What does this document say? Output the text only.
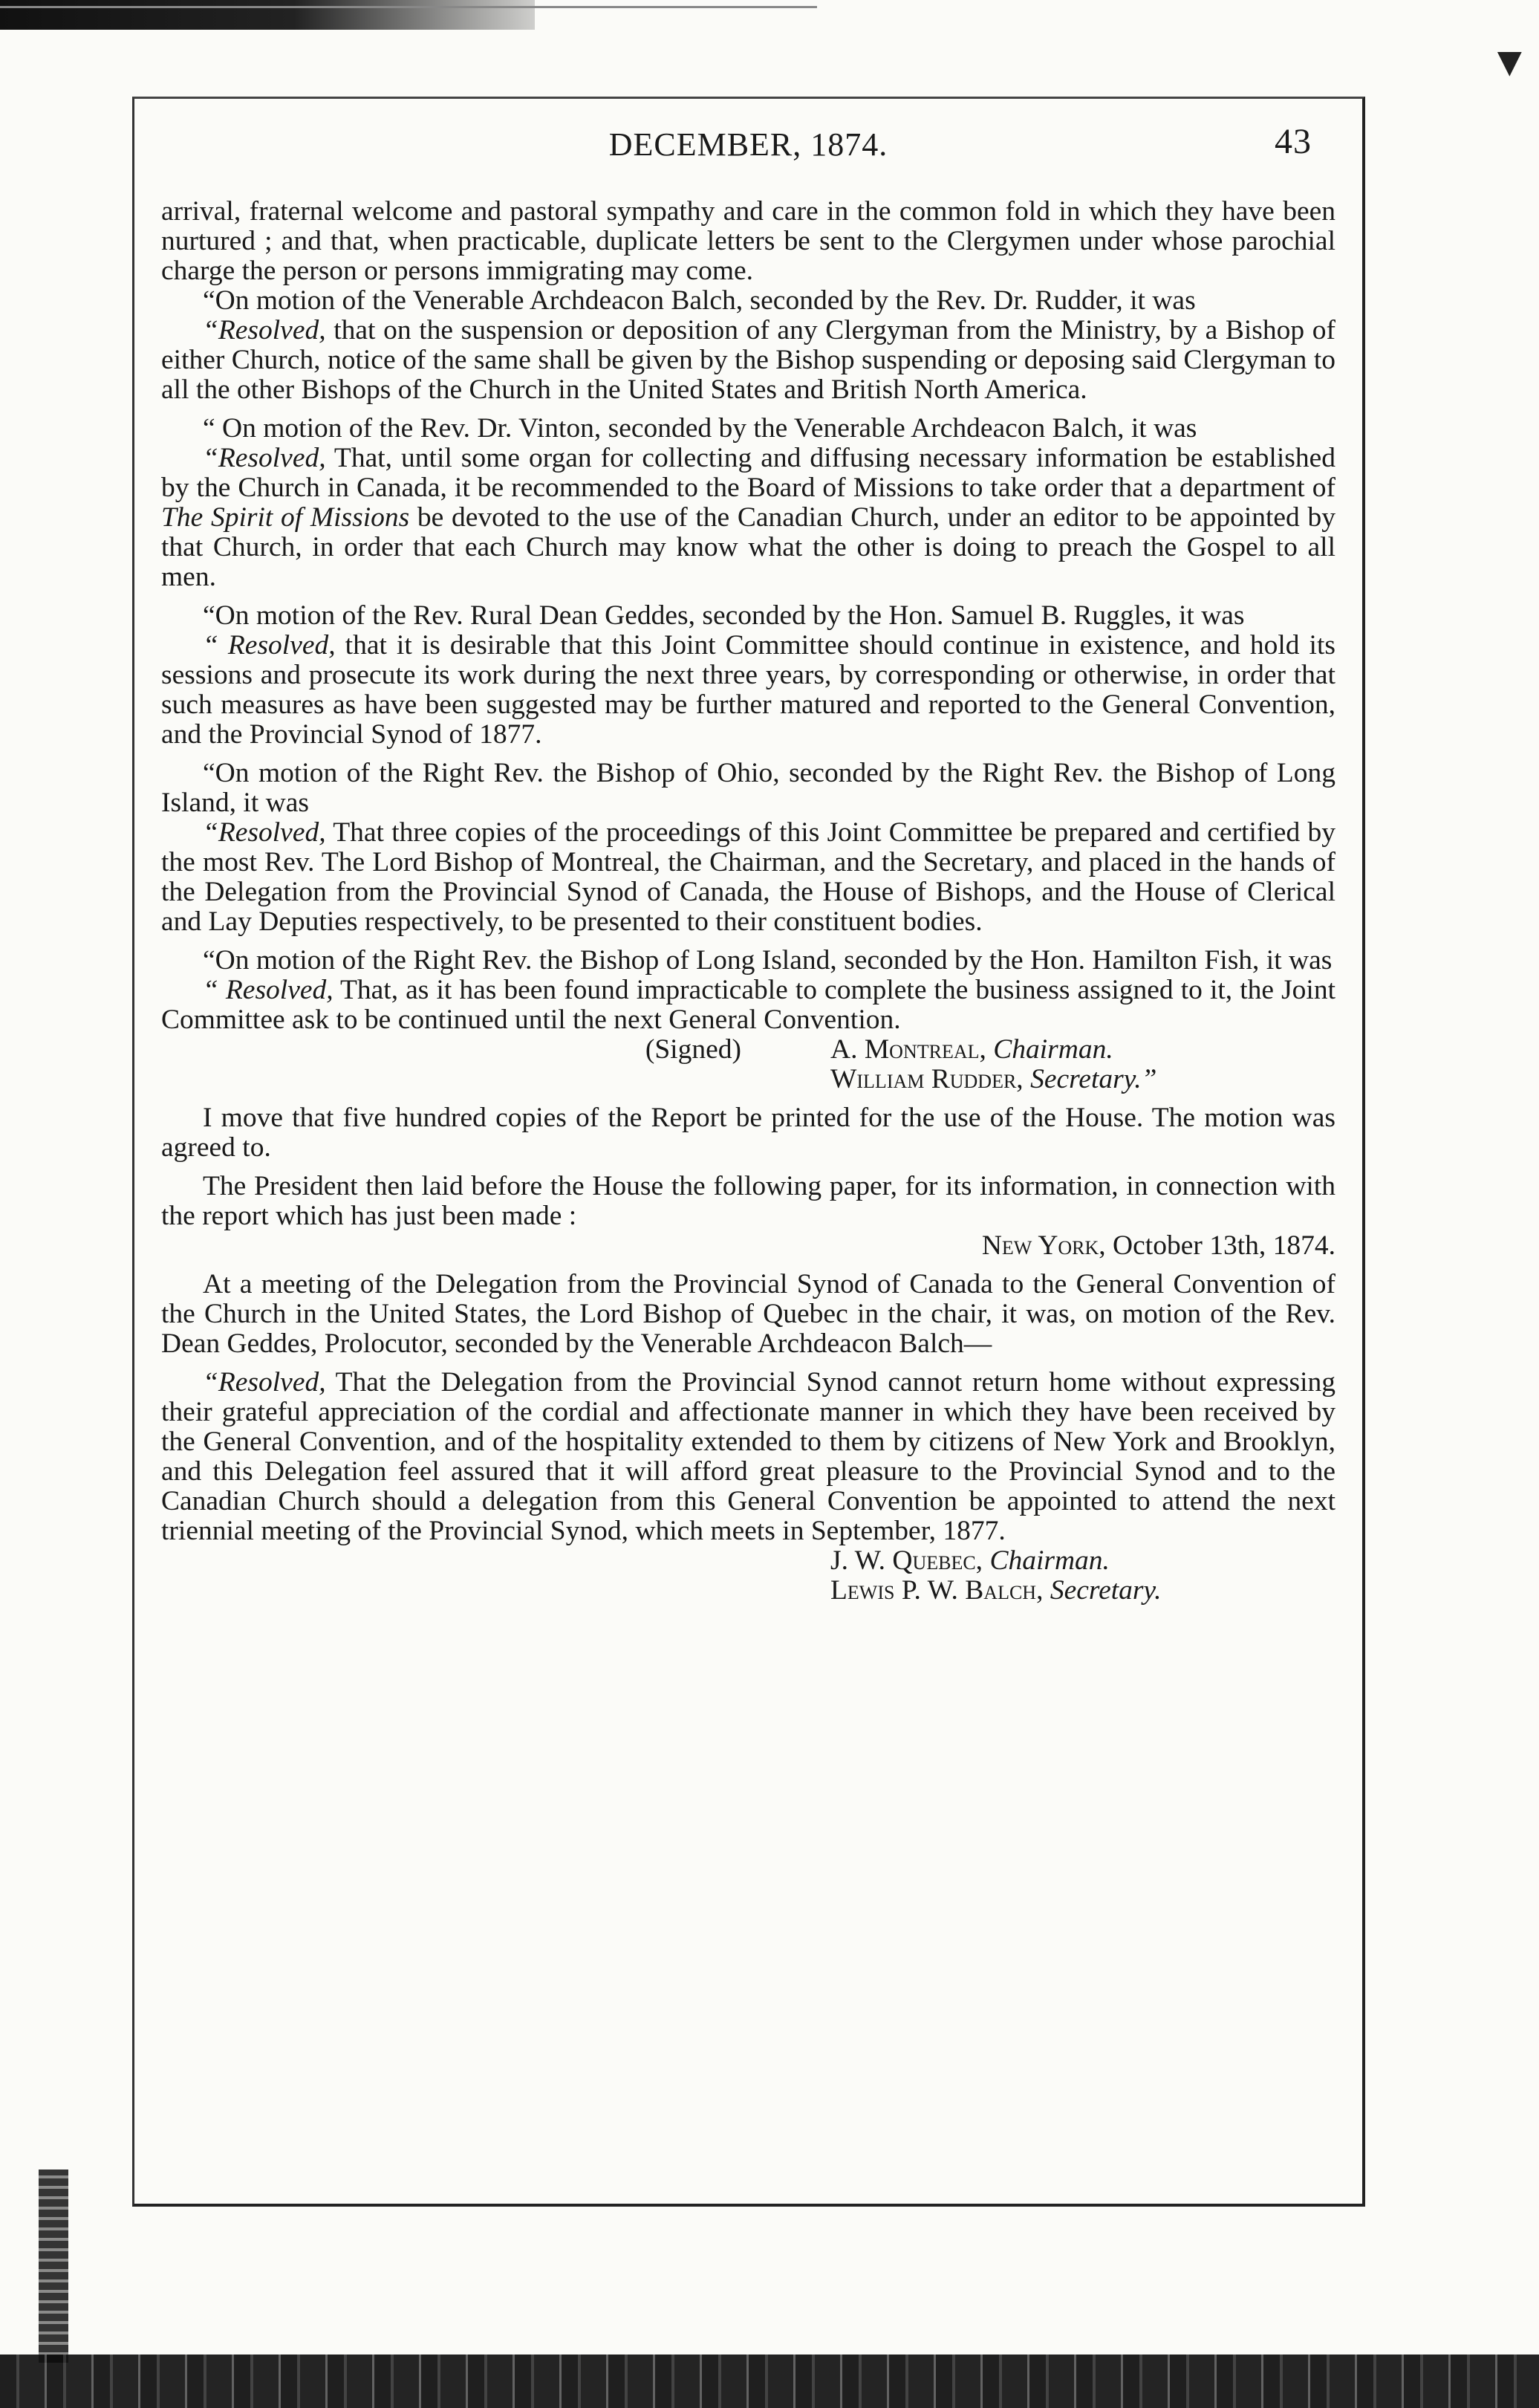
▼
DECEMBER, 1874.	43

arrival, fraternal welcome and pastoral sympathy and care in the common fold in which they have been nurtured ; and that, when practicable, duplicate letters be sent to the Clergymen under whose parochial charge the person or persons immigrating may come.

“On motion of the Venerable Archdeacon Balch, seconded by the Rev. Dr. Rudder, it was

“Resolved, that on the suspension or deposition of any Clergyman from the Ministry, by a Bishop of either Church, notice of the same shall be given by the Bishop suspending or deposing said Clergyman to all the other Bishops of the Church in the United States and British North America.

“ On motion of the Rev. Dr. Vinton, seconded by the Venerable Archdeacon Balch, it was

“Resolved, That, until some organ for collecting and diffusing necessary information be established by the Church in Canada, it be recommended to the Board of Missions to take order that a department of The Spirit of Missions be devoted to the use of the Canadian Church, under an editor to be appointed by that Church, in order that each Church may know what the other is doing to preach the Gospel to all men.

“On motion of the Rev. Rural Dean Geddes, seconded by the Hon. Samuel B. Ruggles, it was

“ Resolved, that it is desirable that this Joint Committee should continue in existence, and hold its sessions and prosecute its work during the next three years, by corresponding or otherwise, in order that such measures as have been suggested may be further matured and reported to the General Convention, and the Provincial Synod of 1877.

“On motion of the Right Rev. the Bishop of Ohio, seconded by the Right Rev. the Bishop of Long Island, it was

“Resolved, That three copies of the proceedings of this Joint Committee be prepared and certified by the most Rev. The Lord Bishop of Montreal, the Chairman, and the Secretary, and placed in the hands of the Delegation from the Provincial Synod of Canada, the House of Bishops, and the House of Clerical and Lay Deputies respectively, to be presented to their constituent bodies.

“On motion of the Right Rev. the Bishop of Long Island, seconded by the Hon. Hamilton Fish, it was

“ Resolved, That, as it has been found impracticable to complete the business assigned to it, the Joint Committee ask to be continued until the next General Convention.

(Signed)	A. Montreal, Chairman.
William Rudder, Secretary.”

I move that five hundred copies of the Report be printed for the use of the House. The motion was agreed to.

The President then laid before the House the following paper, for its information, in connection with the report which has just been made :

New York, October 13th, 1874.

At a meeting of the Delegation from the Provincial Synod of Canada to the General Convention of the Church in the United States, the Lord Bishop of Quebec in the chair, it was, on motion of the Rev. Dean Geddes, Prolocutor, seconded by the Venerable Archdeacon Balch—

“Resolved, That the Delegation from the Provincial Synod cannot return home without expressing their grateful appreciation of the cordial and affectionate manner in which they have been received by the General Convention, and of the hospitality extended to them by citizens of New York and Brooklyn, and this Delegation feel assured that it will afford great pleasure to the Provincial Synod and to the Canadian Church should a delegation from this General Convention be appointed to attend the next triennial meeting of the Provincial Synod, which meets in September, 1877.

J. W. Quebec, Chairman.
Lewis P. W. Balch, Secretary.
